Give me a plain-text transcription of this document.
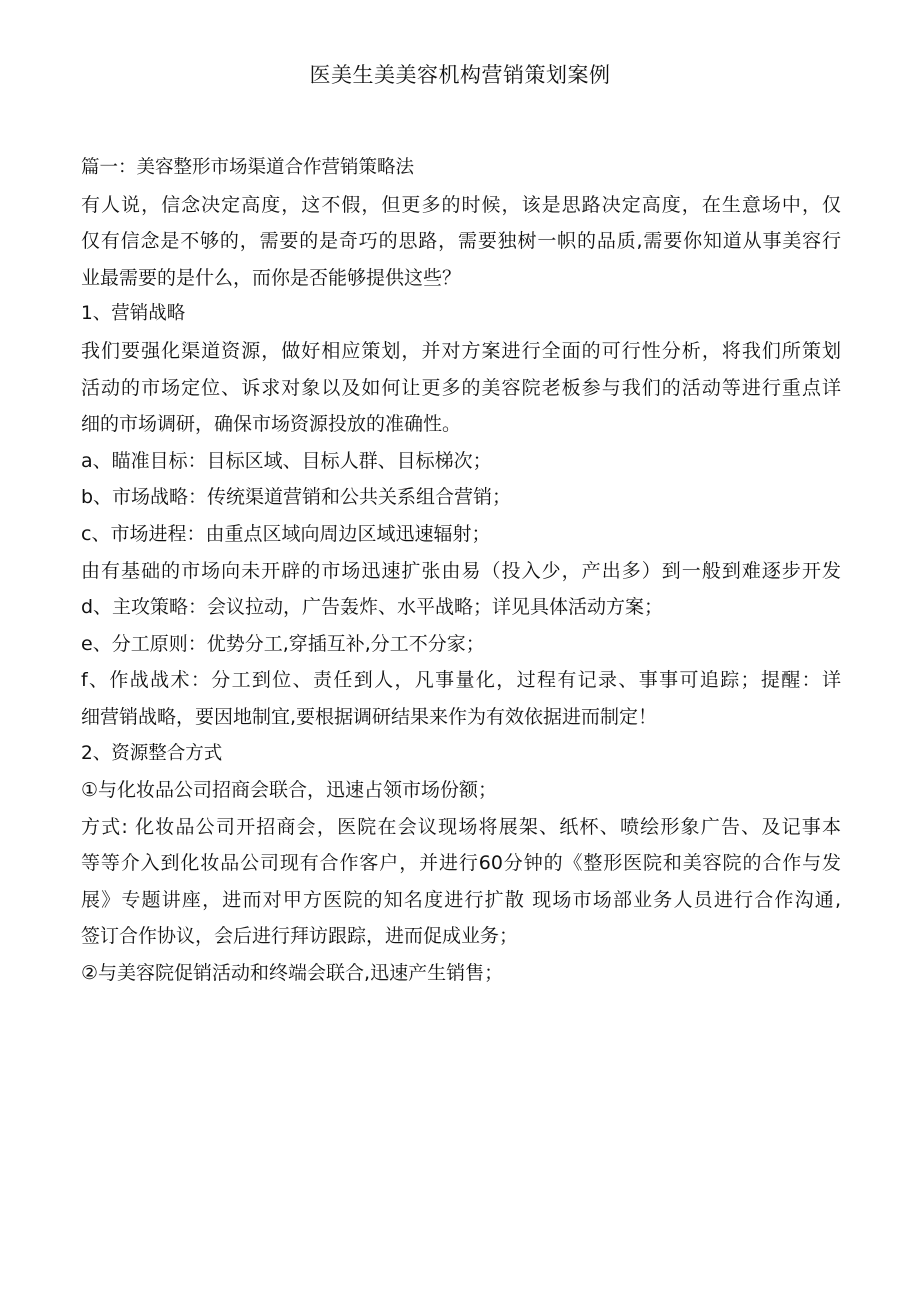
医美生美美容机构营销策划案例
篇一：美容整形市场渠道合作营销策略法
有人说，信念决定高度，这不假，但更多的时候，该是思路决定高度，在生意场中，仅
仅有信念是不够的，需要的是奇巧的思路，需要独树一帜的品质,需要你知道从事美容行
业最需要的是什么，而你是否能够提供这些？
1、营销战略
我们要强化渠道资源，做好相应策划，并对方案进行全面的可行性分析，将我们所策划
活动的市场定位、诉求对象以及如何让更多的美容院老板参与我们的活动等进行重点详
细的市场调研，确保市场资源投放的准确性。
a、瞄准目标：目标区域、目标人群、目标梯次；
b、市场战略：传统渠道营销和公共关系组合营销；
c、市场进程：由重点区域向周边区域迅速辐射；
由有基础的市场向未开辟的市场迅速扩张由易（投入少，产出多）到一般到难逐步开发
d、主攻策略：会议拉动，广告轰炸、水平战略；详见具体活动方案；
e、分工原则：优势分工,穿插互补,分工不分家；
f、作战战术：分工到位、责任到人，凡事量化，过程有记录、事事可追踪；提醒：详
细营销战略，要因地制宜,要根据调研结果来作为有效依据进而制定！
2、资源整合方式
①与化妆品公司招商会联合，迅速占领市场份额；
方式: 化妆品公司开招商会，医院在会议现场将展架、纸杯、喷绘形象广告、及记事本
等等介入到化妆品公司现有合作客户，并进行60分钟的《整形医院和美容院的合作与发
展》专题讲座，进而对甲方医院的知名度进行扩散 现场市场部业务人员进行合作沟通,
签订合作协议，会后进行拜访跟踪，进而促成业务；
②与美容院促销活动和终端会联合,迅速产生销售；
